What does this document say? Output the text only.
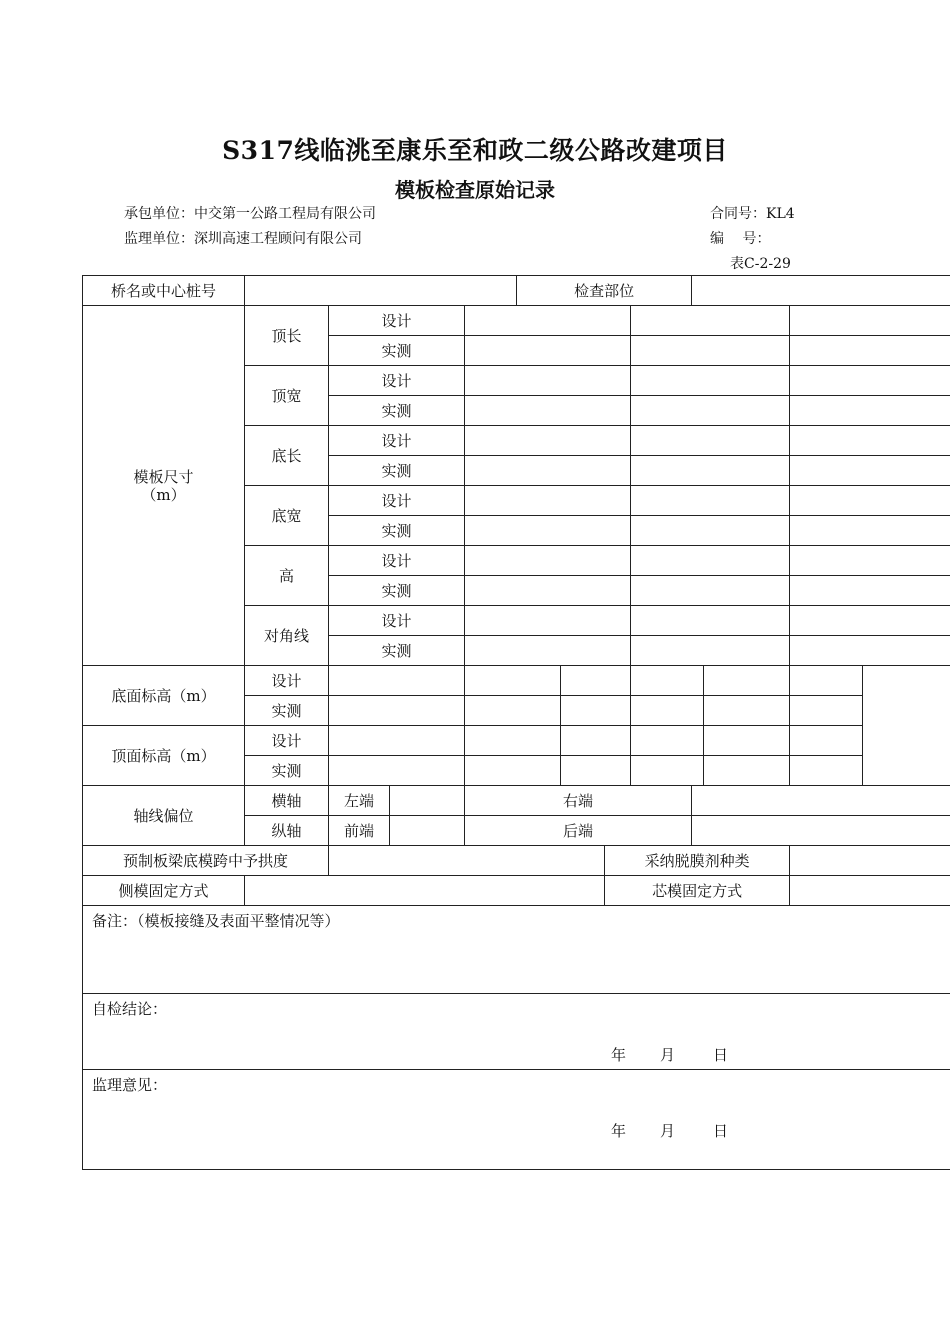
S317线临洮至康乐至和政二级公路改建项目
模板检查原始记录
承包单位：中交第一公路工程局有限公司
监理单位：深圳高速工程顾问有限公司
合同号：KL4
编　 号：
表C-2-29
桥名或中心桩号					检查部位						

模板尺寸
（m）	顶长	设计									
		实测									
	顶宽	设计									
		实测									
	底长	设计									
		实测									
	底宽	设计									
		实测									
	高	设计									
		实测									
	对角线	设计									
		实测									
底面标高（m）	设计										
	实测										
顶面标高（m）	设计										
	实测										
轴线偏位	横轴	左端		右端							
	纵轴	前端		后端							
预制板梁底模跨中予拱度							采纳脱膜剂种类				
侧模固定方式							芯模固定方式				
备注：（模板接缝及表面平整情况等）											
自检结论：
年 月 日											

监理意见：
年 月 日											
